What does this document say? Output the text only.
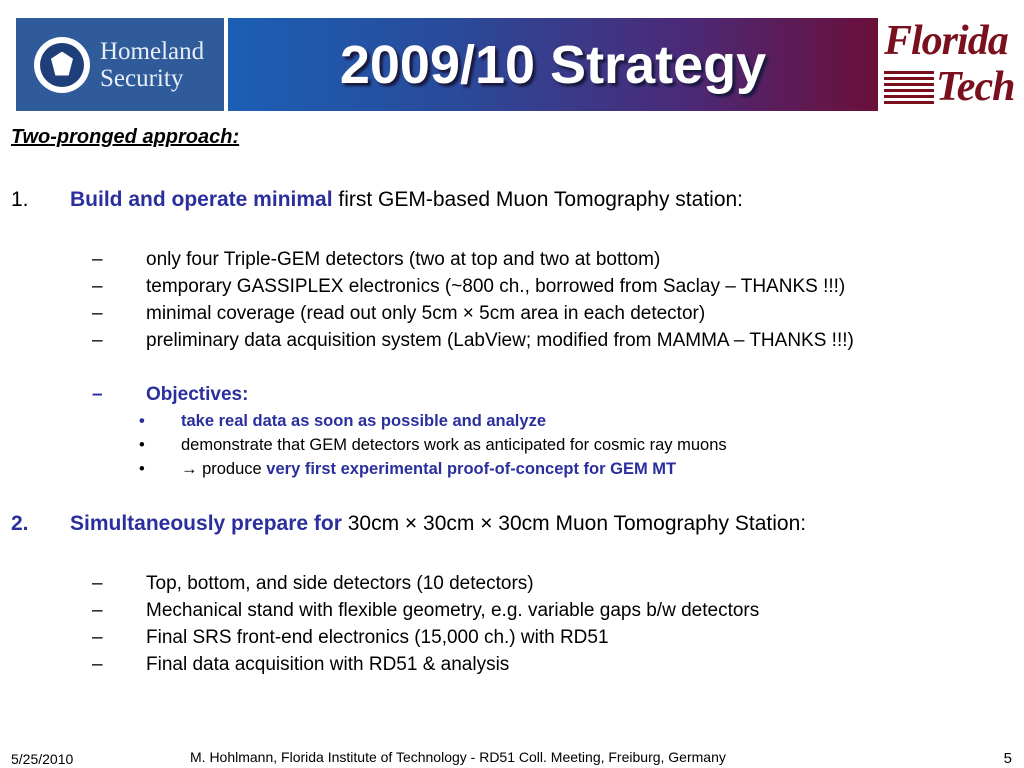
Homeland
Security	2009/10 Strategy	Florida
Tech
Two-pronged approach:
1. Build and operate minimal first GEM-based Muon Tomography station:
– only four Triple-GEM detectors (two at top and two at bottom)
– temporary GASSIPLEX electronics (~800 ch., borrowed from Saclay – THANKS !!!)
– minimal coverage (read out only 5cm × 5cm area in each detector)
– preliminary data acquisition system (LabView; modified from MAMMA – THANKS !!!)
– Objectives:
• take real data as soon as possible and analyze
• demonstrate that GEM detectors work as anticipated for cosmic ray muons
• → produce very first experimental proof-of-concept for GEM MT
2. Simultaneously prepare for 30cm × 30cm × 30cm Muon Tomography Station:
– Top, bottom, and side detectors (10 detectors)
– Mechanical stand with flexible geometry, e.g. variable gaps b/w detectors
– Final SRS front-end electronics (15,000 ch.) with RD51
– Final data acquisition with RD51 & analysis
5/25/2010	M. Hohlmann, Florida Institute of Technology - RD51 Coll. Meeting, Freiburg, Germany	5
